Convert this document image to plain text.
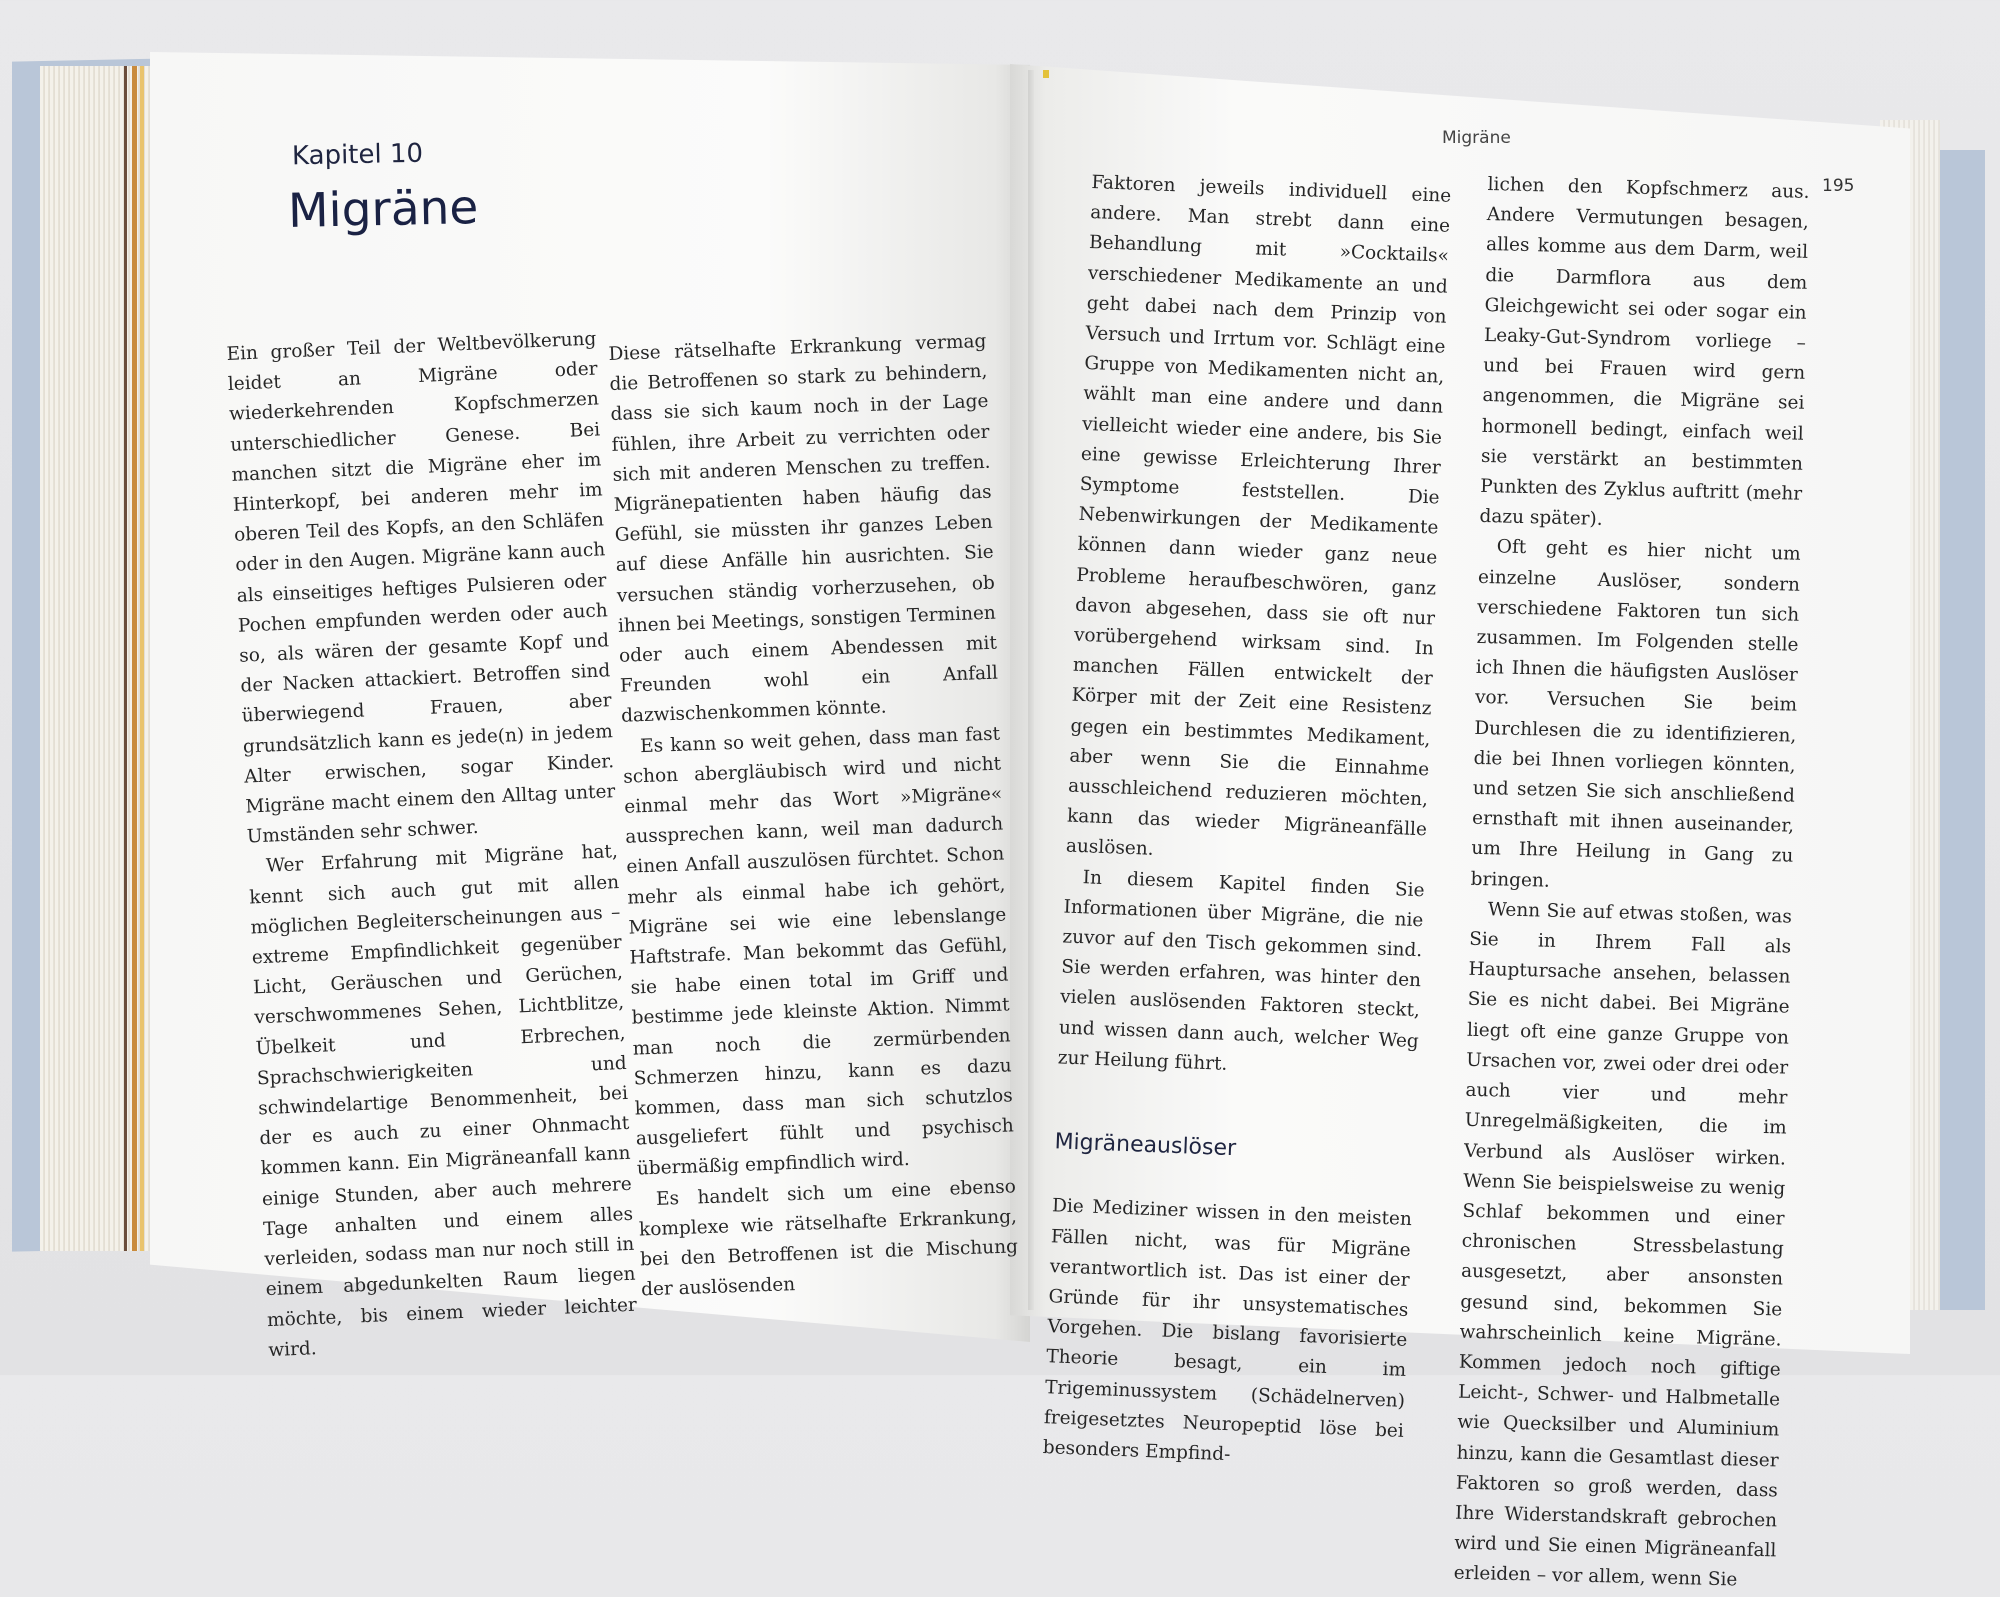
Kapitel 10
Migräne
Migräne
195

Ein großer Teil der Weltbevölkerung leidet an Migräne oder wiederkehrenden Kopfschmerzen unterschiedlicher Genese. Bei manchen sitzt die Migräne eher im Hinterkopf, bei anderen mehr im oberen Teil des Kopfs, an den Schläfen oder in den Augen. Migräne kann auch als einseitiges heftiges Pulsieren oder Pochen empfunden werden oder auch so, als wären der gesamte Kopf und der Nacken attackiert. Betroffen sind überwiegend Frauen, aber grundsätzlich kann es jede(n) in jedem Alter erwischen, sogar Kinder. Migräne macht einem den Alltag unter Umständen sehr schwer.

Wer Erfahrung mit Migräne hat, kennt sich auch gut mit allen möglichen Begleiterscheinungen aus – extreme Empfindlichkeit gegenüber Licht, Geräuschen und Gerüchen, verschwommenes Sehen, Lichtblitze, Übelkeit und Erbrechen, Sprachschwierigkeiten und schwindelartige Benommenheit, bei der es auch zu einer Ohnmacht kommen kann. Ein Migräneanfall kann einige Stunden, aber auch mehrere Tage anhalten und einem alles verleiden, sodass man nur noch still in einem abgedunkelten Raum liegen möchte, bis einem wieder leichter wird.

Diese rätselhafte Erkrankung vermag die Betroffenen so stark zu behindern, dass sie sich kaum noch in der Lage fühlen, ihre Arbeit zu verrichten oder sich mit anderen Menschen zu treffen. Migränepatienten haben häufig das Gefühl, sie müssten ihr ganzes Leben auf diese Anfälle hin ausrichten. Sie versuchen ständig vorherzusehen, ob ihnen bei Meetings, sonstigen Terminen oder auch einem Abendessen mit Freunden wohl ein Anfall dazwischenkommen könnte.

Es kann so weit gehen, dass man fast schon abergläubisch wird und nicht einmal mehr das Wort »Migräne« aussprechen kann, weil man dadurch einen Anfall auszulösen fürchtet. Schon mehr als einmal habe ich gehört, Migräne sei wie eine lebenslange Haftstrafe. Man bekommt das Gefühl, sie habe einen total im Griff und bestimme jede kleinste Aktion. Nimmt man noch die zermürbenden Schmerzen hinzu, kann es dazu kommen, dass man sich schutzlos ausgeliefert fühlt und psychisch übermäßig empfindlich wird.

Es handelt sich um eine ebenso komplexe wie rätselhafte Erkrankung, bei den Betroffenen ist die Mischung der auslösenden

Faktoren jeweils individuell eine andere. Man strebt dann eine Behandlung mit »Cocktails« verschiedener Medikamente an und geht dabei nach dem Prinzip von Versuch und Irrtum vor. Schlägt eine Gruppe von Medikamenten nicht an, wählt man eine andere und dann vielleicht wieder eine andere, bis Sie eine gewisse Erleichterung Ihrer Symptome feststellen. Die Nebenwirkungen der Medikamente können dann wieder ganz neue Probleme heraufbeschwören, ganz davon abgesehen, dass sie oft nur vorübergehend wirksam sind. In manchen Fällen entwickelt der Körper mit der Zeit eine Resistenz gegen ein bestimmtes Medikament, aber wenn Sie die Einnahme ausschleichend reduzieren möchten, kann das wieder Migräneanfälle auslösen.

In diesem Kapitel finden Sie Informationen über Migräne, die nie zuvor auf den Tisch gekommen sind. Sie werden erfahren, was hinter den vielen auslösenden Faktoren steckt, und wissen dann auch, welcher Weg zur Heilung führt.

Migräneauslöser

Die Mediziner wissen in den meisten Fällen nicht, was für Migräne verantwortlich ist. Das ist einer der Gründe für ihr unsystematisches Vorgehen. Die bislang favorisierte Theorie besagt, ein im Trigeminussystem (Schädelnerven) freigesetztes Neuropeptid löse bei besonders Empfind-

lichen den Kopfschmerz aus. Andere Vermutungen besagen, alles komme aus dem Darm, weil die Darmflora aus dem Gleichgewicht sei oder sogar ein Leaky-Gut-Syndrom vorliege – und bei Frauen wird gern angenommen, die Migräne sei hormonell bedingt, einfach weil sie verstärkt an bestimmten Punkten des Zyklus auftritt (mehr dazu später).

Oft geht es hier nicht um einzelne Auslöser, sondern verschiedene Faktoren tun sich zusammen. Im Folgenden stelle ich Ihnen die häufigsten Auslöser vor. Versuchen Sie beim Durchlesen die zu identifizieren, die bei Ihnen vorliegen könnten, und setzen Sie sich anschließend ernsthaft mit ihnen auseinander, um Ihre Heilung in Gang zu bringen.

Wenn Sie auf etwas stoßen, was Sie in Ihrem Fall als Hauptursache ansehen, belassen Sie es nicht dabei. Bei Migräne liegt oft eine ganze Gruppe von Ursachen vor, zwei oder drei oder auch vier und mehr Unregelmäßigkeiten, die im Verbund als Auslöser wirken. Wenn Sie beispielsweise zu wenig Schlaf bekommen und einer chronischen Stressbelastung ausgesetzt, aber ansonsten gesund sind, bekommen Sie wahrscheinlich keine Migräne. Kommen jedoch noch giftige Leicht-, Schwer- und Halbmetalle wie Quecksilber und Aluminium hinzu, kann die Gesamtlast dieser Faktoren so groß werden, dass Ihre Widerstandskraft gebrochen wird und Sie einen Migräneanfall erleiden – vor allem, wenn Sie
